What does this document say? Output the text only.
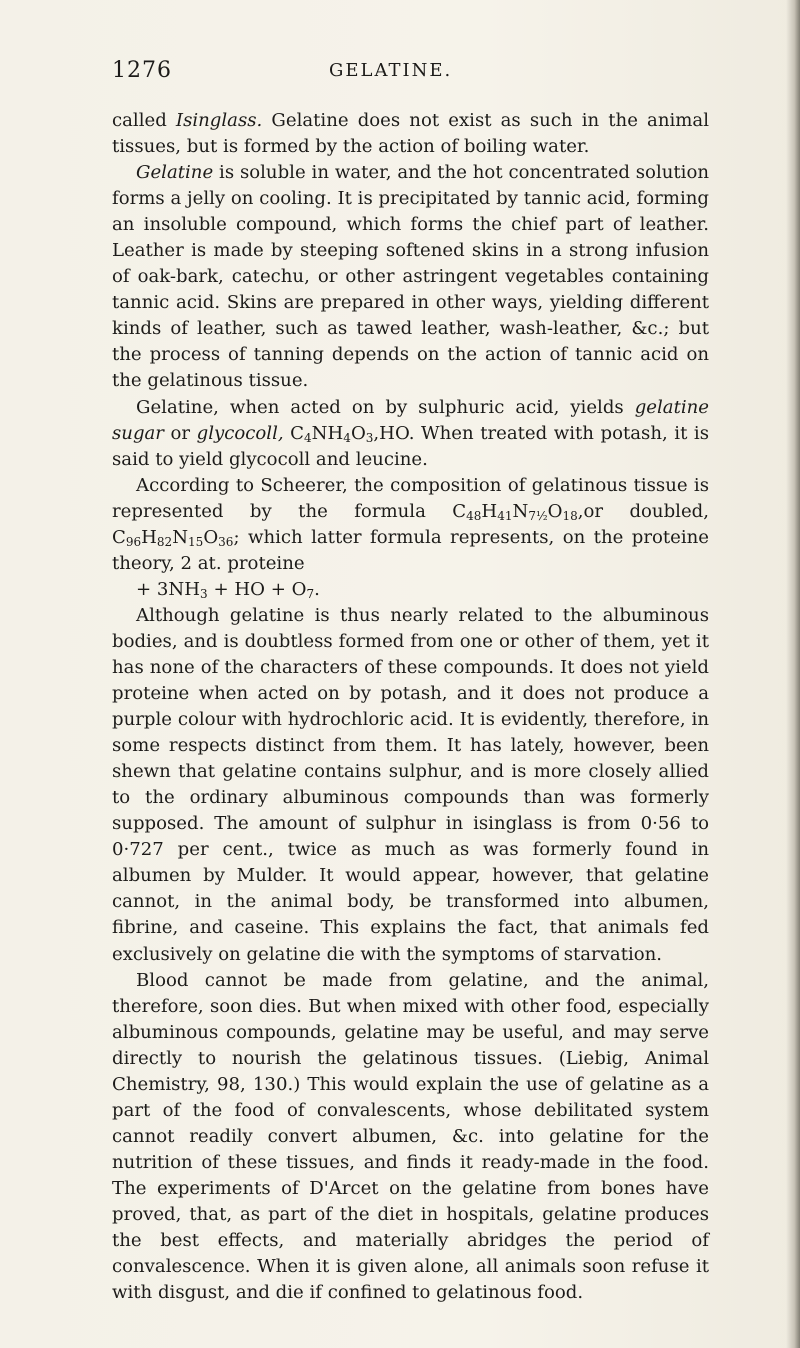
1276	GELATINE.

called Isinglass. Gelatine does not exist as such in the animal tissues, but is formed by the action of boiling water.

Gelatine is soluble in water, and the hot concentrated solution forms a jelly on cooling. It is precipitated by tannic acid, forming an insoluble compound, which forms the chief part of leather. Leather is made by steeping softened skins in a strong infusion of oak-bark, catechu, or other astringent vegetables containing tannic acid. Skins are prepared in other ways, yielding different kinds of leather, such as tawed leather, wash-leather, &c.; but the process of tanning depends on the action of tannic acid on the gelatinous tissue.

Gelatine, when acted on by sulphuric acid, yields gelatine sugar or glycocoll, $C_4NH_4O_3,HO$. When treated with potash, it is said to yield glycocoll and leucine.

According to Scheerer, the composition of gelatinous tissue is represented by the formula $C_{48}H_{41}N_{7\frac{1}{2}}O_{18},or$ doubled, $C_{96}H_{82}N_{15}O_{36}$; which latter formula represents, on the proteine theory, 2 at. proteine
+ $3NH_3$ + HO + $O_7$.

Although gelatine is thus nearly related to the albuminous bodies, and is doubtless formed from one or other of them, yet it has none of the characters of these compounds. It does not yield proteine when acted on by potash, and it does not produce a purple colour with hydrochloric acid. It is evidently, therefore, in some respects distinct from them. It has lately, however, been shewn that gelatine contains sulphur, and is more closely allied to the ordinary albuminous compounds than was formerly supposed. The amount of sulphur in isinglass is from 0·56 to 0·727 per cent., twice as much as was formerly found in albumen by Mulder. It would appear, however, that gelatine cannot, in the animal body, be transformed into albumen, fibrine, and caseine. This explains the fact, that animals fed exclusively on gelatine die with the symptoms of starvation.

Blood cannot be made from gelatine, and the animal, therefore, soon dies. But when mixed with other food, especially albuminous compounds, gelatine may be useful, and may serve directly to nourish the gelatinous tissues. (Liebig, Animal Chemistry, 98, 130.) This would explain the use of gelatine as a part of the food of convalescents, whose debilitated system cannot readily convert albumen, &c. into gelatine for the nutrition of these tissues, and finds it ready-made in the food. The experiments of D'Arcet on the gelatine from bones have proved, that, as part of the diet in hospitals, gelatine produces the best effects, and materially abridges the period of convalescence. When it is given alone, all animals soon refuse it with disgust, and die if confined to gelatinous food.
